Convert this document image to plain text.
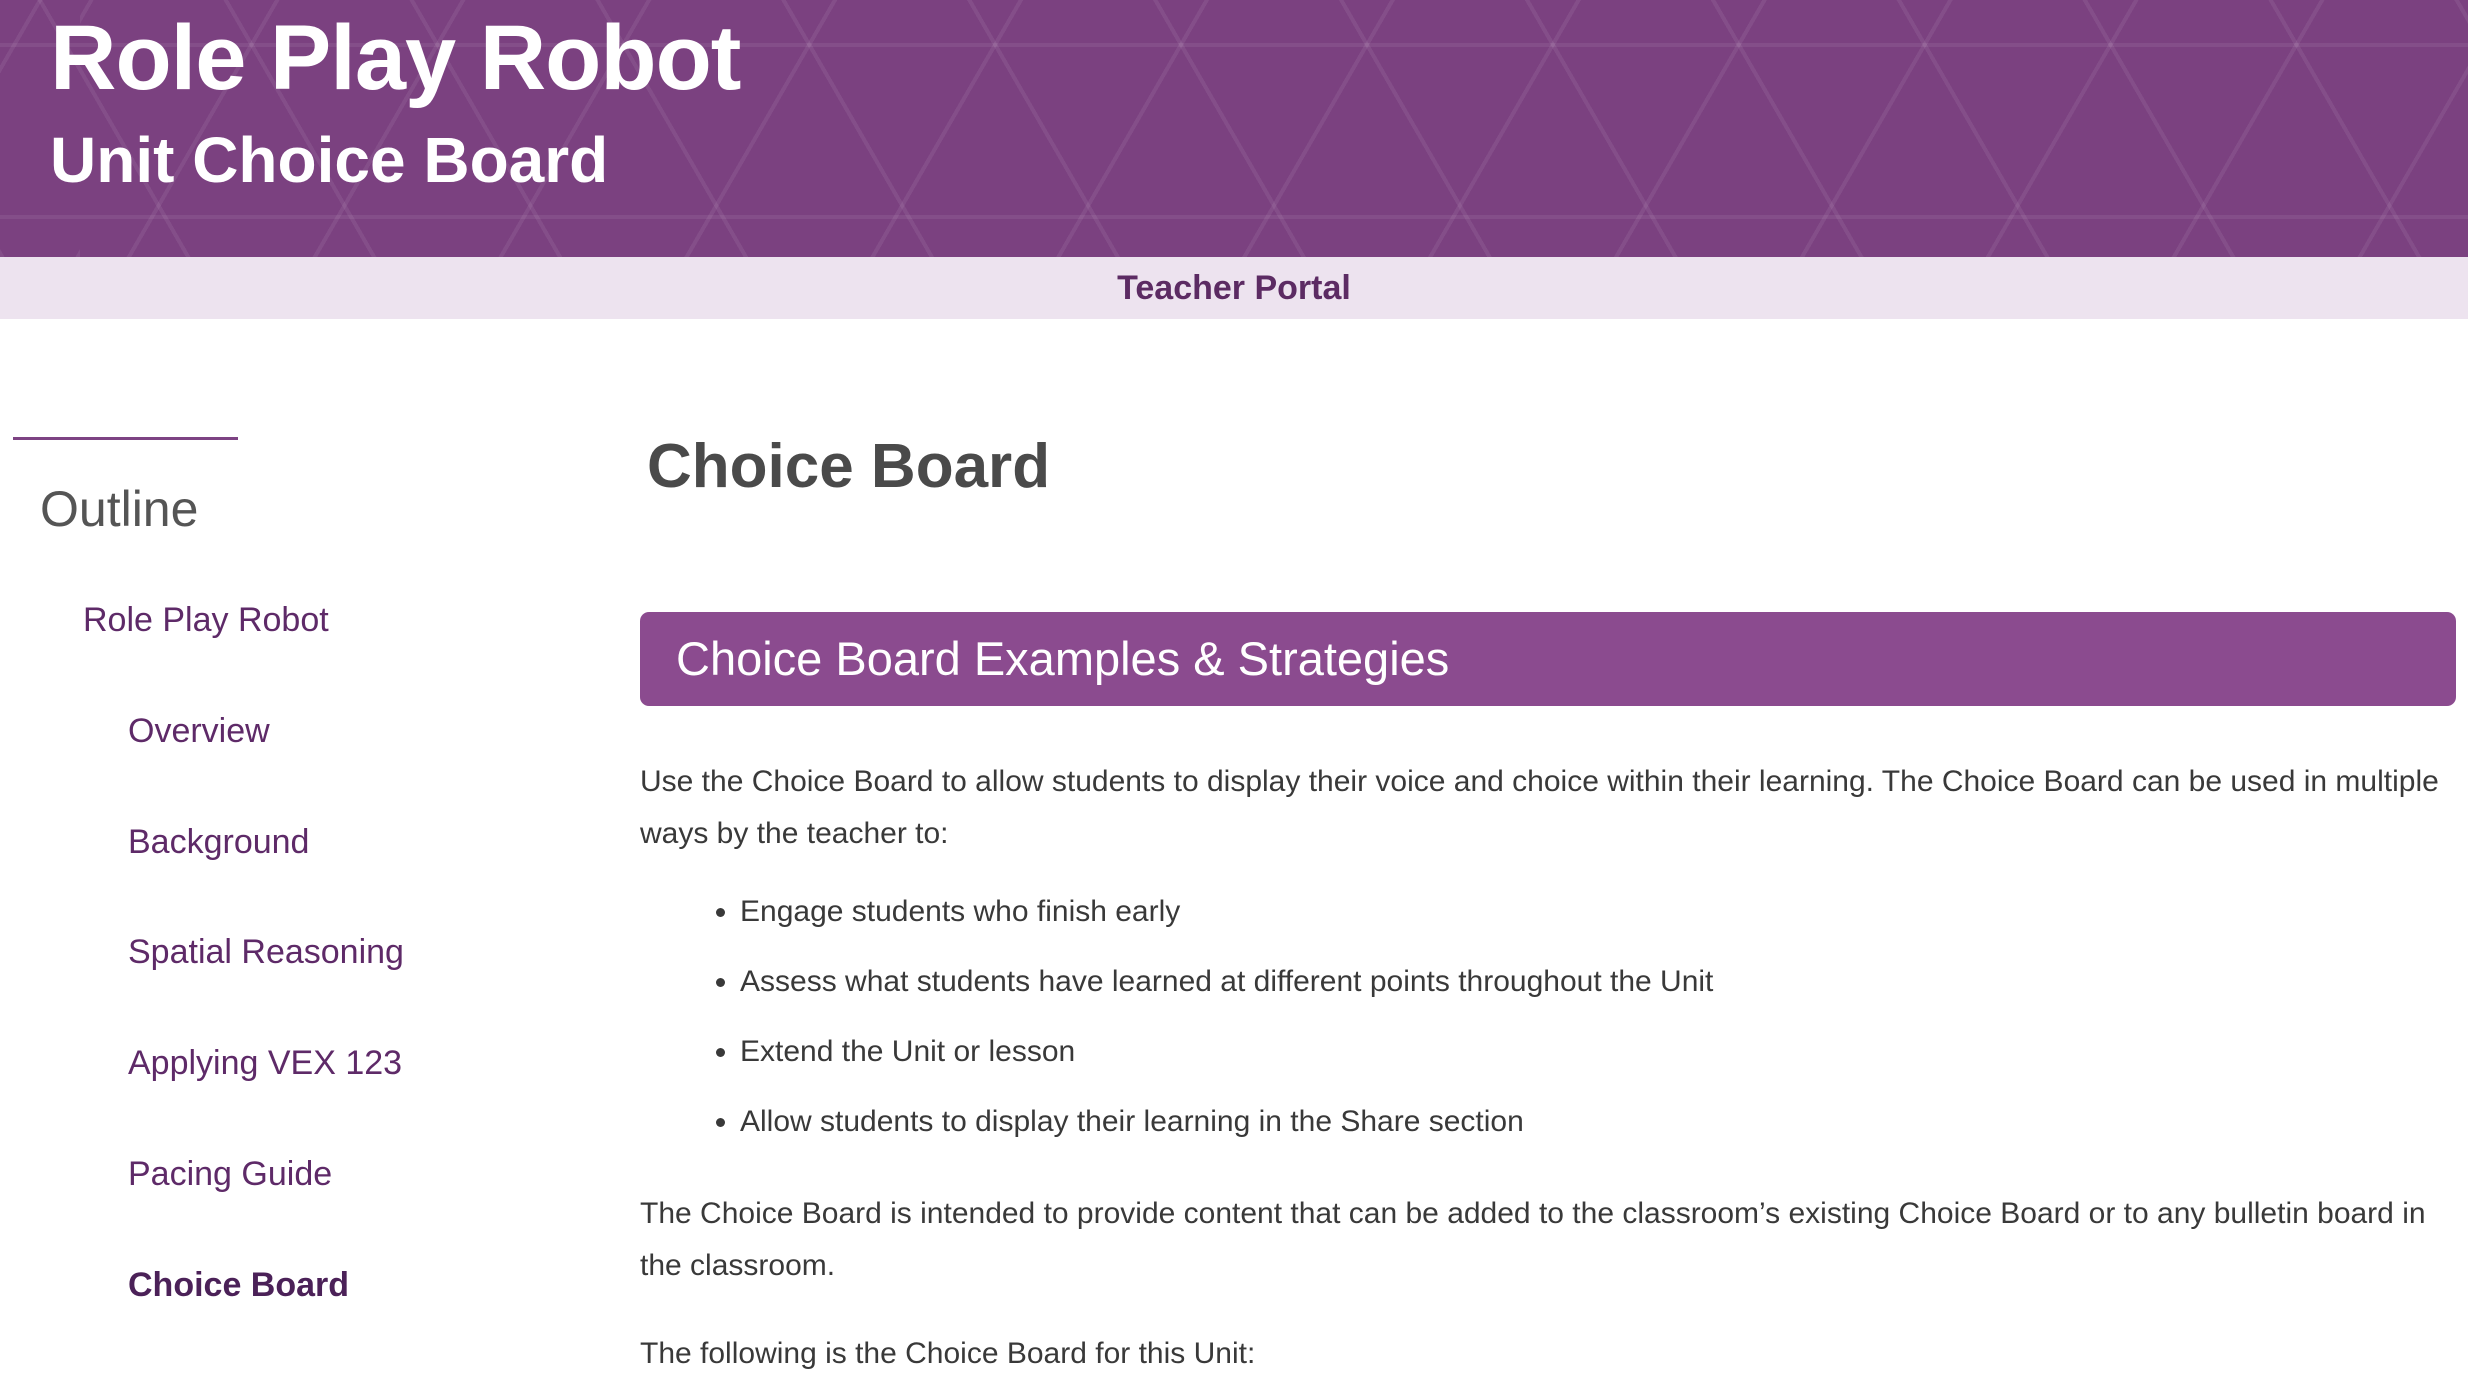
Role Play Robot
Unit Choice Board
Teacher Portal
Outline
Role Play Robot
Overview
Background
Spatial Reasoning
Applying VEX 123
Pacing Guide
Choice Board
Choice Board
Choice Board Examples & Strategies

Use the Choice Board to allow students to display their voice and choice within their learning. The Choice Board can be used in multiple ways by the teacher to:

• Engage students who finish early
• Assess what students have learned at different points throughout the Unit
• Extend the Unit or lesson
• Allow students to display their learning in the Share section

The Choice Board is intended to provide content that can be added to the classroom’s existing Choice Board or to any bulletin board in the classroom.

The following is the Choice Board for this Unit:
